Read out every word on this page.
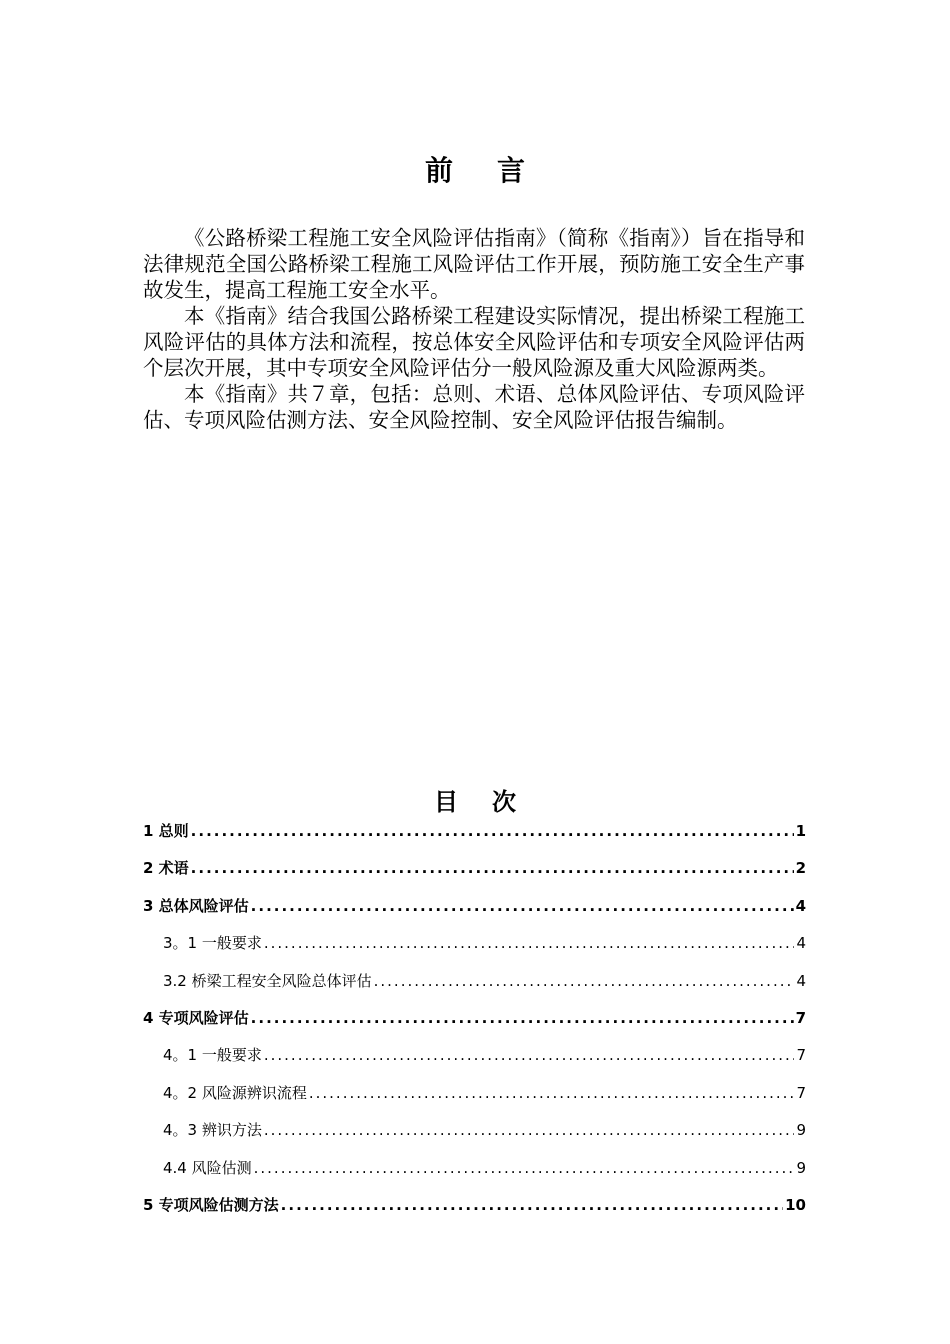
前言

《公路桥梁工程施工安全风险评估指南》（简称《指南》）旨在指导和法律规范全国公路桥梁工程施工风险评估工作开展，预防施工安全生产事故发生，提高工程施工安全水平。

本《指南》结合我国公路桥梁工程建设实际情况，提出桥梁工程施工风险评估的具体方法和流程，按总体安全风险评估和专项安全风险评估两个层次开展，其中专项安全风险评估分一般风险源及重大风险源两类。

本《指南》共７章，包括：总则、术语、总体风险评估、专项风险评估、专项风险估测方法、安全风险控制、安全风险评估报告编制。

目次
1 总则 .....	1
2 术语 .....	2
3 总体风险评估 .....	4
3。1 一般要求 .....	4
3.2 桥梁工程安全风险总体评估 .....	4
4 专项风险评估 .....	7
4。1 一般要求 .....	7
4。2 风险源辨识流程 .....	7
4。3 辨识方法 .....	9
4.4 风险估测 .....	9
5 专项风险估测方法 .....	10
